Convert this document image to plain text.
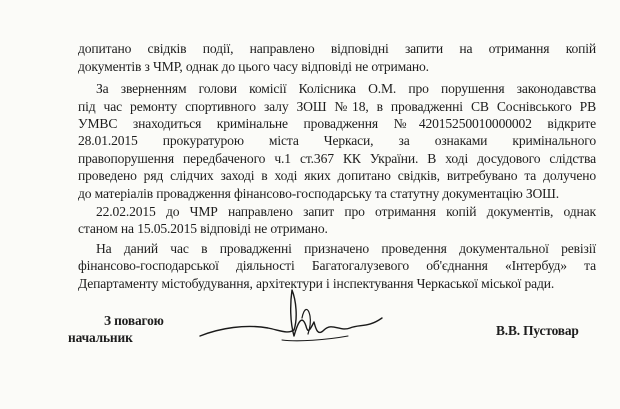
допитано свідків події, направлено відповідні запити на отримання копій

документів з ЧМР, однак до цього часу відповіді не отримано.

За зверненням голови комісії Колісника О.М. про порушення законодавства

під час ремонту спортивного залу ЗОШ №18, в провадженні СВ Соснівського РВ

УМВС знаходиться кримінальне провадження №42015250010000002 відкрите

28.01.2015 прокуратурою міста Черкаси, за ознаками кримінального

правопорушення передбаченого ч.1 ст.367 КК України. В ході досудового слідства

проведено ряд слідчих заході в ході яких допитано свідків, витребувано та долучено

до матеріалів провадження фінансово-господарську та статутну документацію ЗОШ.

22.02.2015 до ЧМР направлено запит про отримання копій документів, однак

станом на 15.05.2015 відповіді не отримано.

На даний час в провадженні призначено проведення документальної ревізії

фінансово-господарської діяльності Багатогалузевого об'єднання «Інтербуд» та

Департаменту містобудування, архітектури і інспектування Черкаської міської ради.

З повагою
начальник	В.В. Пустовар
